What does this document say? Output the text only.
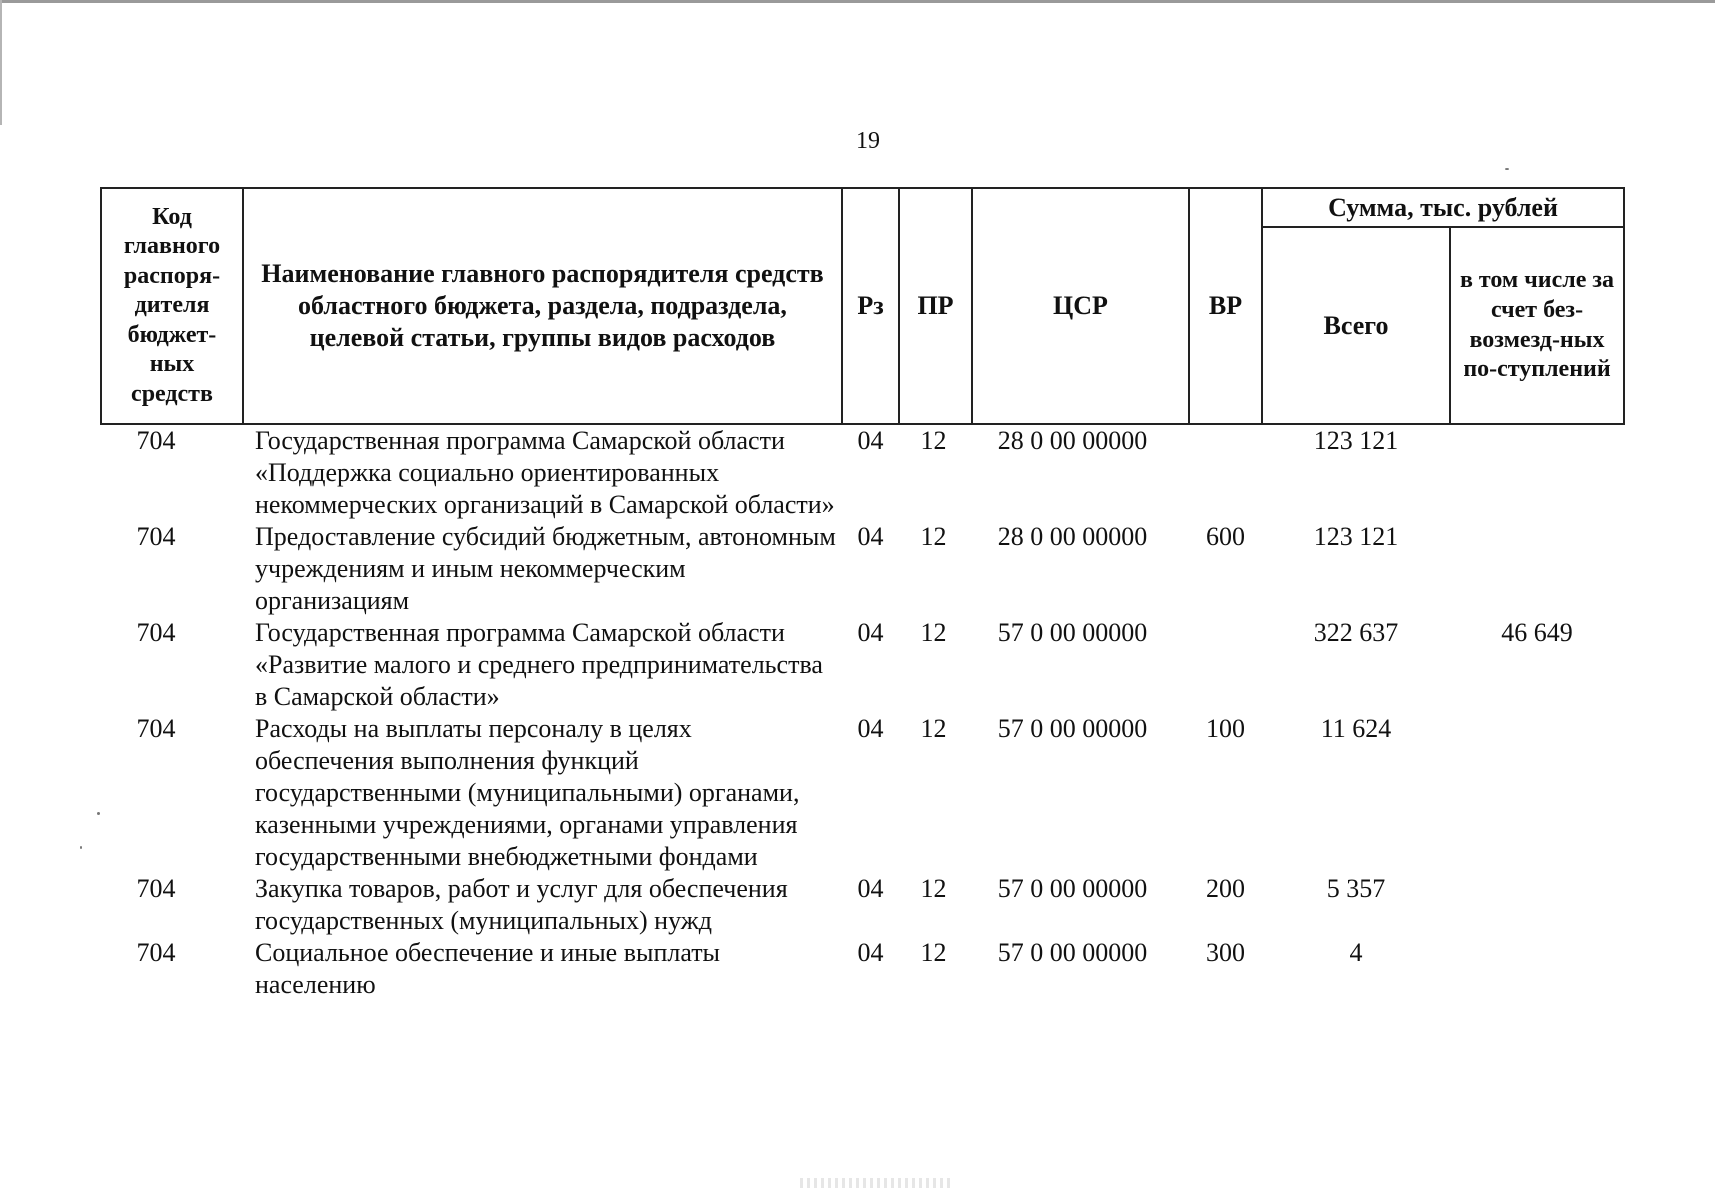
19
Код главного распоря-дителя бюджет-ных средств	Наименование главного распорядителя средств областного бюджета, раздела, подраздела, целевой статьи, группы видов расходов	Рз	ПР	ЦСР	ВР	Сумма, тыс. рублей	
						Всего	в том числе за счет без-возмезд-ных по-ступлений
704	Государственная программа Самарской области «Поддержка социально ориентированных некоммерческих организаций в Самарской области»	04	12	28 0 00 00000		123 121	
704	Предоставление субсидий бюджетным, автономным учреждениям и иным некоммерческим организациям	04	12	28 0 00 00000	600	123 121	
704	Государственная программа Самарской области «Развитие малого и среднего предпринимательства в Самарской области»	04	12	57 0 00 00000		322 637	46 649
704	Расходы на выплаты персоналу в целях обеспечения выполнения функций государственными (муниципальными) органами, казенными учреждениями, органами управления государственными внебюджетными фондами	04	12	57 0 00 00000	100	11 624	
704	Закупка товаров, работ и услуг для обеспечения государственных (муниципальных) нужд	04	12	57 0 00 00000	200	5 357	
704	Социальное обеспечение и иные выплаты населению	04	12	57 0 00 00000	300	4	
